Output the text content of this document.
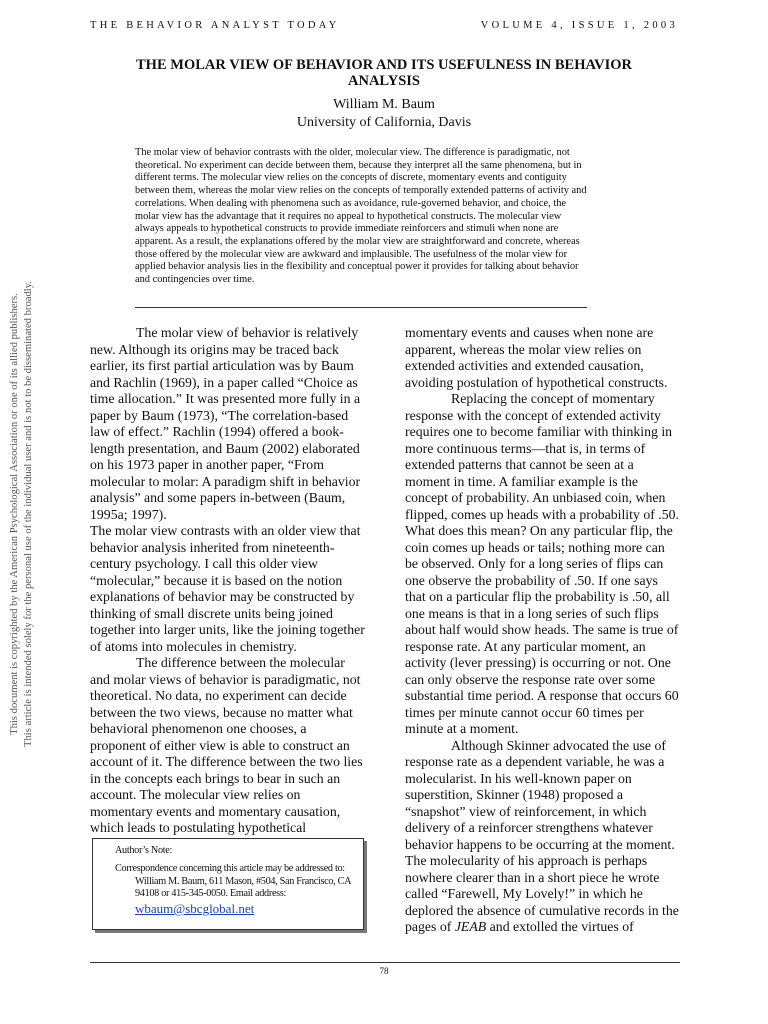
THE BEHAVIOR ANALYST TODAY	VOLUME 4, ISSUE 1, 2003
THE MOLAR VIEW OF BEHAVIOR AND ITS USEFULNESS IN BEHAVIOR ANALYSIS
William M. Baum
University of California, Davis
The molar view of behavior contrasts with the older, molecular view. The difference is paradigmatic, not theoretical. No experiment can decide between them, because they interpret all the same phenomena, but in different terms. The molecular view relies on the concepts of discrete, momentary events and contiguity between them, whereas the molar view relies on the concepts of temporally extended patterns of activity and correlations. When dealing with phenomena such as avoidance, rule-governed behavior, and choice, the molar view has the advantage that it requires no appeal to hypothetical constructs. The molecular view always appeals to hypothetical constructs to provide immediate reinforcers and stimuli when none are apparent. As a result, the explanations offered by the molar view are straightforward and concrete, whereas those offered by the molecular view are awkward and implausible. The usefulness of the molar view for applied behavior analysis lies in the flexibility and conceptual power it provides for talking about behavior and contingencies over time.
This document is copyrighted by the American Psychological Association or one of its allied publishers. This article is intended solely for the personal use of the individual user and is not to be disseminated broadly.	The molar view of behavior is relatively new. Although its origins may be traced back earlier, its first partial articulation was by Baum and Rachlin (1969), in a paper called “Choice as time allocation.” It was presented more fully in a paper by Baum (1973), “The correlation-based law of effect.” Rachlin (1994) offered a book-length presentation, and Baum (2002) elaborated on his 1973 paper in another paper, “From molecular to molar: A paradigm shift in behavior analysis” and some papers in-between (Baum, 1995a; 1997).

The molar view contrasts with an older view that behavior analysis inherited from nineteenth-century psychology. I call this older view “molecular,” because it is based on the notion explanations of behavior may be constructed by thinking of small discrete units being joined together into larger units, like the joining together of atoms into molecules in chemistry.

The difference between the molecular and molar views of behavior is paradigmatic, not theoretical. No data, no experiment can decide between the two views, because no matter what behavioral phenomenon one chooses, a proponent of either view is able to construct an account of it. The difference between the two lies in the concepts each brings to bear in such an account. The molecular view relies on momentary events and momentary causation, which leads to postulating hypothetical

momentary events and causes when none are apparent, whereas the molar view relies on extended activities and extended causation, avoiding postulation of hypothetical constructs.

Replacing the concept of momentary response with the concept of extended activity requires one to become familiar with thinking in more continuous terms—that is, in terms of extended patterns that cannot be seen at a moment in time. A familiar example is the concept of probability. An unbiased coin, when flipped, comes up heads with a probability of .50. What does this mean? On any particular flip, the coin comes up heads or tails; nothing more can be observed. Only for a long series of flips can one observe the probability of .50. If one says that on a particular flip the probability is .50, all one means is that in a long series of such flips about half would show heads. The same is true of response rate. At any particular moment, an activity (lever pressing) is occurring or not. One can only observe the response rate over some substantial time period. A response that occurs 60 times per minute cannot occur 60 times per minute at a moment.

Although Skinner advocated the use of response rate as a dependent variable, he was a molecularist. In his well-known paper on superstition, Skinner (1948) proposed a “snapshot” view of reinforcement, in which delivery of a reinforcer strengthens whatever behavior happens to be occurring at the moment. The molecularity of his approach is perhaps nowhere clearer than in a short piece he wrote called “Farewell, My Lovely!” in which he deplored the absence of cumulative records in the pages of JEAB and extolled the virtues of

Author’s Note:
Correspondence concerning this article may be addressed to:
William M. Baum, 611 Mason, #504, San Francisco, CA 94108 or 415-345-0050. Email address:
wbaum@sbcglobal.net
78
